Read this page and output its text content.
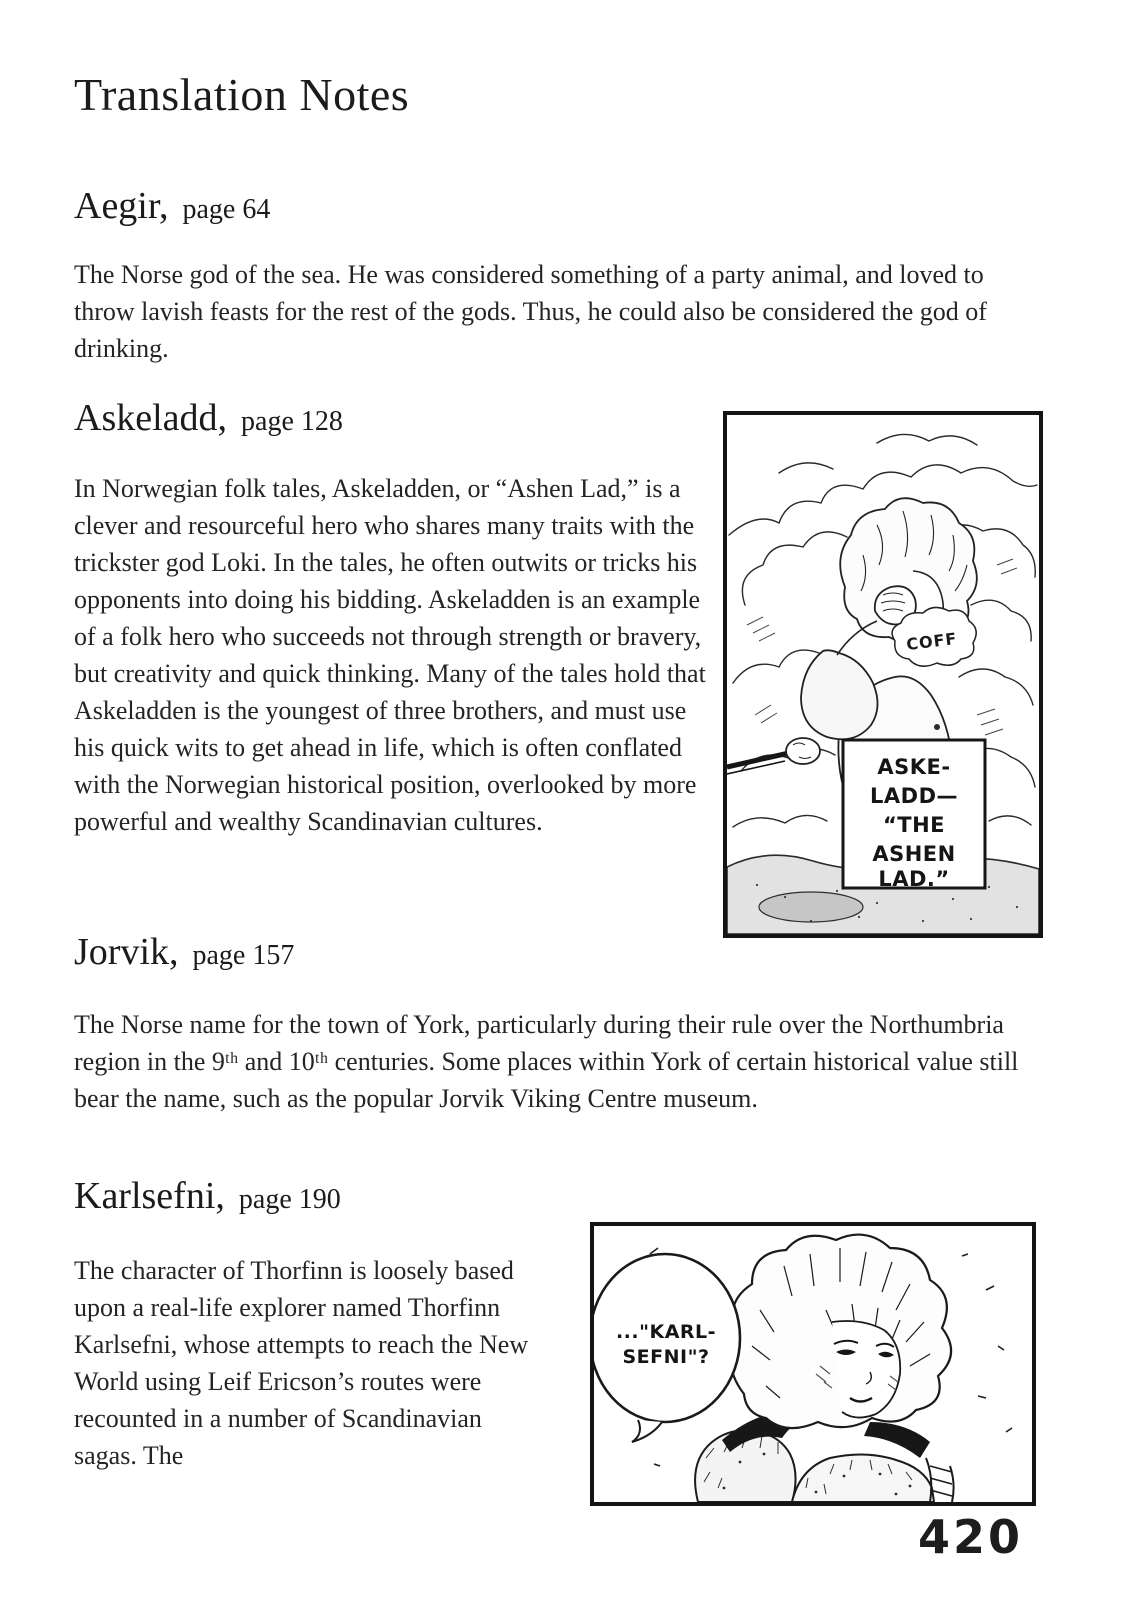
Translation Notes
Aegir, page 64

The Norse god of the sea. He was considered something of a party animal, and loved to throw lavish feasts for the rest of the gods. Thus, he could also be considered the god of drinking.

Askeladd, page 128

In Norwegian folk tales, Askeladden, or “Ashen Lad,” is a clever and resourceful hero who shares many traits with the trickster god Loki. In the tales, he often outwits or tricks his opponents into doing his bidding. Askeladden is an example of a folk hero who succeeds not through strength or bravery, but creativity and quick thinking. Many of the tales hold that Askeladden is the youngest of three brothers, and must use his quick wits to get ahead in life, which is often conflated with the Norwegian historical position, overlooked by more powerful and wealthy Scandinavian cultures.

COFF
ASKE-
LADD—
“THE
ASHEN
LAD.”
Jorvik, page 157

The Norse name for the town of York, particularly during their rule over the Northumbria region in the 9ᵗʰ and 10ᵗʰ centuries. Some places within York of certain historical value still bear the name, such as the popular Jorvik Viking Centre museum.

Karlsefni, page 190

The character of Thorfinn is loosely based upon a real-life explorer named Thorfinn Karlsefni, whose attempts to reach the New World using Leif Ericson’s routes were recounted in a number of Scandinavian sagas. The

..."KARL-
SEFNI"?
420
